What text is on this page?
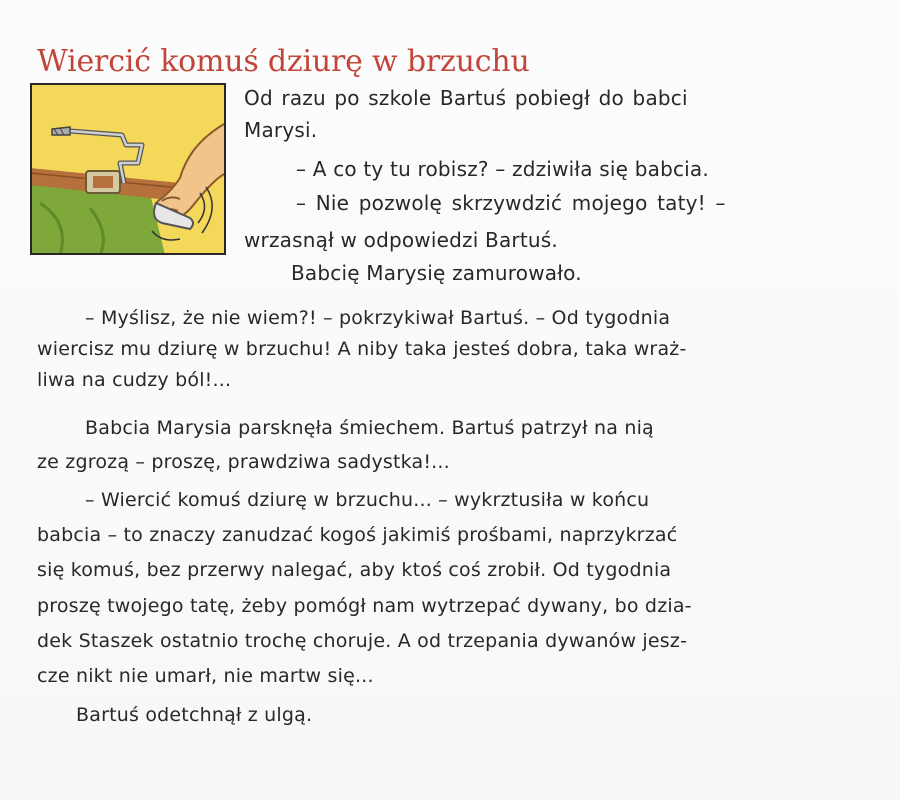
Wiercić komuś dziurę w brzuchu
Od razu po szkole Bartuś pobiegł do babci
Marysi.
– A co ty tu robisz? – zdziwiła się babcia.
– Nie pozwolę skrzywdzić mojego taty! –
wrzasnął w odpowiedzi Bartuś.
Babcię Marysię zamurowało.
– Myślisz, że nie wiem?! – pokrzykiwał Bartuś. – Od tygodnia
wiercisz mu dziurę w brzuchu! A niby taka jesteś dobra, taka wraż-
liwa na cudzy ból!...
Babcia Marysia parsknęła śmiechem. Bartuś patrzył na nią
ze zgrozą – proszę, prawdziwa sadystka!...
– Wiercić komuś dziurę w brzuchu... – wykrztusiła w końcu
babcia – to znaczy zanudzać kogoś jakimiś prośbami, naprzykrzać
się komuś, bez przerwy nalegać, aby ktoś coś zrobił. Od tygodnia
proszę twojego tatę, żeby pomógł nam wytrzepać dywany, bo dzia-
dek Staszek ostatnio trochę choruje. A od trzepania dywanów jesz-
cze nikt nie umarł, nie martw się...
Bartuś odetchnął z ulgą.
